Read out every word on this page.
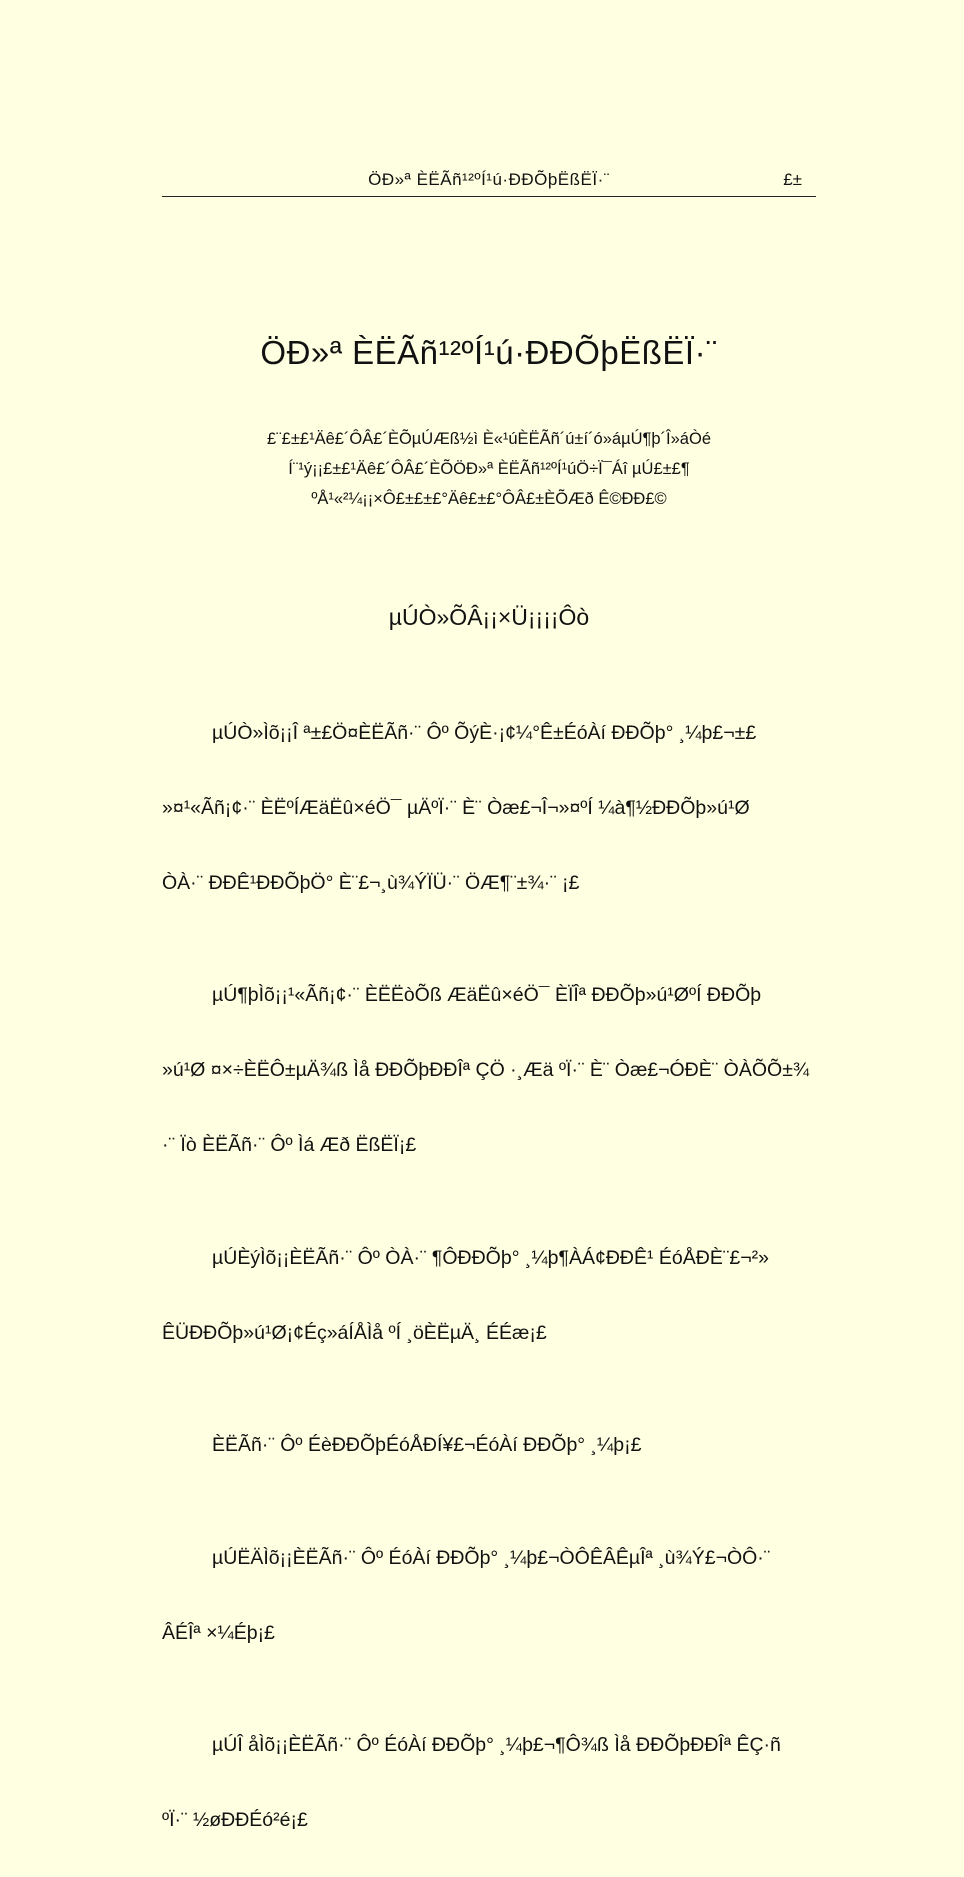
ÖÐ»ª ÈËÃñ¹²ºÍ¹ú·ÐÐÕþËßËÏ·¨	£±
ÖÐ»ª ÈËÃñ¹²ºÍ¹ú·ÐÐÕþËßËÏ·¨
£¨£±£¹Äê£´ÔÂ£´ÈÕµÚÆß½ì È«¹úÈËÃñ´ú±í´ó»áµÚ¶þ´Î»áÒé
Í¨¹ý¡¡£±£¹Äê£´ÔÂ£´ÈÕÖÐ»ª ÈËÃñ¹²ºÍ¹úÖ÷Ï¯Áî µÚ£±£¶
ºÅ¹«²¼¡¡×Ô£±£±£°Äê£±£°ÔÂ£±ÈÕÆð Ê©ÐÐ£©
µÚÒ»ÕÂ¡¡×Ü¡¡¡¡Ôò

µÚÒ»Ìõ¡¡Î ª±£Ö¤ÈËÃñ·¨ Ôº ÕýÈ·¡¢¼°Ê±ÉóÀí ÐÐÕþ° ¸¼þ£¬±£

»¤¹«Ãñ¡¢·¨ ÈËºÍÆäËû×éÖ¯ µÄºÏ·¨ È¨ Òæ£¬Î¬»¤ºÍ ¼à¶½ÐÐÕþ»ú¹Ø

ÒÀ·¨ ÐÐÊ¹ÐÐÕþÖ° È¨£¬¸ù¾ÝÏÜ·¨ ÖÆ¶¨±¾·¨ ¡£

µÚ¶þÌõ¡¡¹«Ãñ¡¢·¨ ÈËËòÕß ÆäËû×éÖ¯ ÈÏÎª ÐÐÕþ»ú¹ØºÍ ÐÐÕþ

»ú¹Ø ¤×÷ÈËÔ±µÄ¾ß Ìå ÐÐÕþÐÐÎª ÇÖ ·¸Æä ºÏ·¨ È¨ Òæ£¬ÓÐÈ¨ ÒÀÕÕ±¾

·¨ Ïò ÈËÃñ·¨ Ôº Ìá Æð ËßËÏ¡£

µÚÈýÌõ¡¡ÈËÃñ·¨ Ôº ÒÀ·¨ ¶ÔÐÐÕþ° ¸¼þ¶ÀÁ¢ÐÐÊ¹ ÉóÅÐÈ¨£¬²»

ÊÜÐÐÕþ»ú¹Ø¡¢Éç»áÍÅÌå ºÍ ¸öÈËµÄ¸ ÉÉæ¡£

ÈËÃñ·¨ Ôº ÉèÐÐÕþÉóÅÐÍ¥£¬ÉóÀí ÐÐÕþ° ¸¼þ¡£

µÚËÄÌõ¡¡ÈËÃñ·¨ Ôº ÉóÀí ÐÐÕþ° ¸¼þ£¬ÒÔÊÂÊµÎª ¸ù¾Ý£¬ÒÔ·¨

ÂÉÎª ×¼Éþ¡£

µÚÎ åÌõ¡¡ÈËÃñ·¨ Ôº ÉóÀí ÐÐÕþ° ¸¼þ£¬¶Ô¾ß Ìå ÐÐÕþÐÐÎª ÊÇ·ñ

ºÏ·¨ ½øÐÐÉó²é¡£
